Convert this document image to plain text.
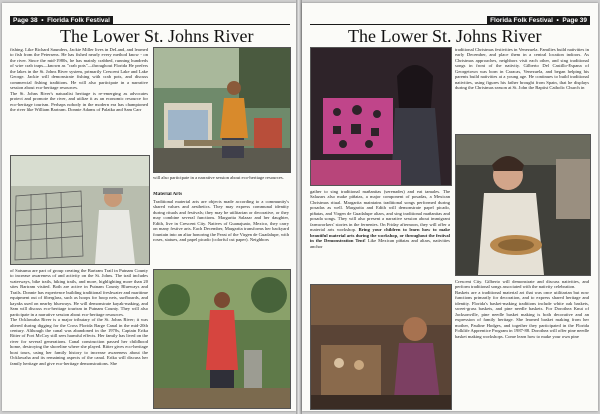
Page 38  •  Florida Folk Festival
The Lower St. Johns River
fishing. Like Richard Saunders, Jackie Miller lives in DeLand, and learned to fish from the Petersens. He has fished nearly every method know - on the river. Since the mid-1980s, he has mainly crabbed, running hundreds of wire crab traps—known as "crab pots"—throughout Florida He prefers the lakes in the St. Johns River system, primarily Crescent Lake and Lake George. Jackie will demonstrate fishing with crab pots, and discuss commercial fishing traditions. He will also participate in a narrative session about eco-heritage resources.
The St. Johns River's naturalist heritage is re-emerging as advocates protect and promote the river, and utilize it as an economic resource for eco-heritage tourism. Perhaps nobody in the modern era has championed the river like William Bartram. Donnie Adams of Palatka and Sam Carr
of Satsuma are part of group creating the Bartram Trail in Putnam County to increase awareness of and activity on the St. Johns. The trail includes waterways, bike trails, hiking trails, and more, highlighting more than 20 sites Bartram visited. Both are active in Putnam County Blueways and Trails. Donnie has experience building traditional freshwater and maritime equipment out of fiberglass, such as hoops for hoop nets, surfboards, and kayaks used on nearby blueways. He will demonstrate kayak-making, and Sam will discuss eco-heritage tourism in Putnam County. They will also participate in a narrative session about eco-heritage resources.
The Ocklawaha River is a major tributary of the St. Johns River; it was altered during digging for the Cross Florida Barge Canal in the mid-20th century. Although the canal was abandoned in the 1970s, Captain Erika Ritter of Fort McCoy still sees harmful effects. Her family has lived on the river for several generations. Canal construction passed her childhood home, destroying the shoreline where she played. Ritter gives eco-heritage boat tours, using her family history to increase awareness about the Ocklawaha and its remaining aspects of the canal. Erika will discuss her family heritage and give eco-heritage demonstrations. She
will also participate in a narrative session about eco-heritage resources.
Material Arts
Traditional material arts are objects made according to a community's shared values and aesthetics. They may express communal identity during rituals and festivals; they may be utilitarian or decorative, or they may combine several functions. Margarita Salazar and her daughter, Edith, live in Crescent City. Natives of Guanajuato, Mexico, they carry on many festive arts. Each December, Margarita transforms her backyard fountain into an altar honoring the Feast of the Virgen de Guadalupe, with roses, statues, and papel picado (colorful cut paper). Neighbors
Florida Folk Festival  •  Page 39
The Lower St. Johns River
traditional Christmas festivities in Venezuela. Families build nativities in early December, and place them in a central location indoors. As Christmas approaches, neighbors visit each other, and sing traditional songs in front of the nativity. Gilberto Del Castillo-Espana of Georgetown was born in Caracas, Venezuela, and began helping his parents build nativities at a young age. He continues to build traditional nativities, using figures his father brought from Spain, that he displays during the Christmas season at St. John the Baptist Catholic Church in
gather to sing traditional mañanitas (serenades) and eat tamales. The Salazars also make piñatas, a major component of posadas, a Mexican Christmas ritual. Margarita maintains traditional songs performed during posadas as well. Margarita and Edith will demonstrate papel picado, piñatas, and Virgen de Guadalupe altars, and sing traditional mañanitas and posada songs. They will also present a narrative session about immigrant farmworkers' stories in the fernenies. On Friday afternoon, they will offer a material arts workshop. Bring your children to learn how to make beautiful material arts during the workshop, or throughout the festival in the Demonstration Tent! Like Mexican piñatas and altars, nativities anchor
Crescent City. Gilberto will demonstrate and discuss nativities, and perform traditional songs associated with the nativity celebration.
Baskets are a traditional material art that was once utilitarian but now functions primarily for decoration, and to express shared heritage and identity. Florida's basket-making traditions include white oak baskets, sweet-grass baskets, and pine needle baskets. For Dorothea Knut of Jacksonville, pine needle basket making is both decorative and an expression of family heritage. She learned basket making from her mother, Pauline Hodges, and together they participated in the Florida Folklife Apprentice Program in 1987-88. Dorothea will offer pine needle basket making workshops. Come learn how to make your own pine
